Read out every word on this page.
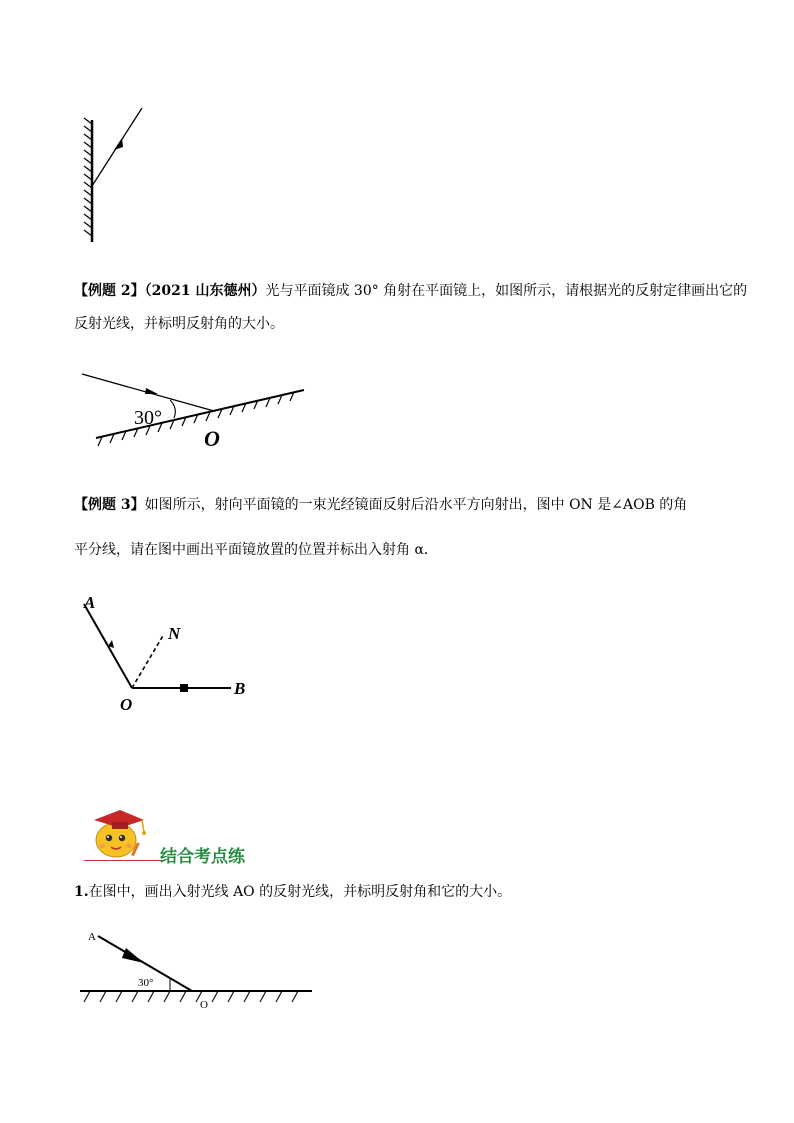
【例题 2】（2021 山东德州）光与平面镜成 30° 角射在平面镜上，如图所示，请根据光的反射定律画出它的
反射光线，并标明反射角的大小。
30°
O
【例题 3】如图所示，射向平面镜的一束光经镜面反射后沿水平方向射出，图中 ON 是∠AOB 的角
平分线，请在图中画出平面镜放置的位置并标出入射角 α．
A
N
O
B
结合考点练
1.在图中，画出入射光线 AO 的反射光线，并标明反射角和它的大小。
A
30°
O
